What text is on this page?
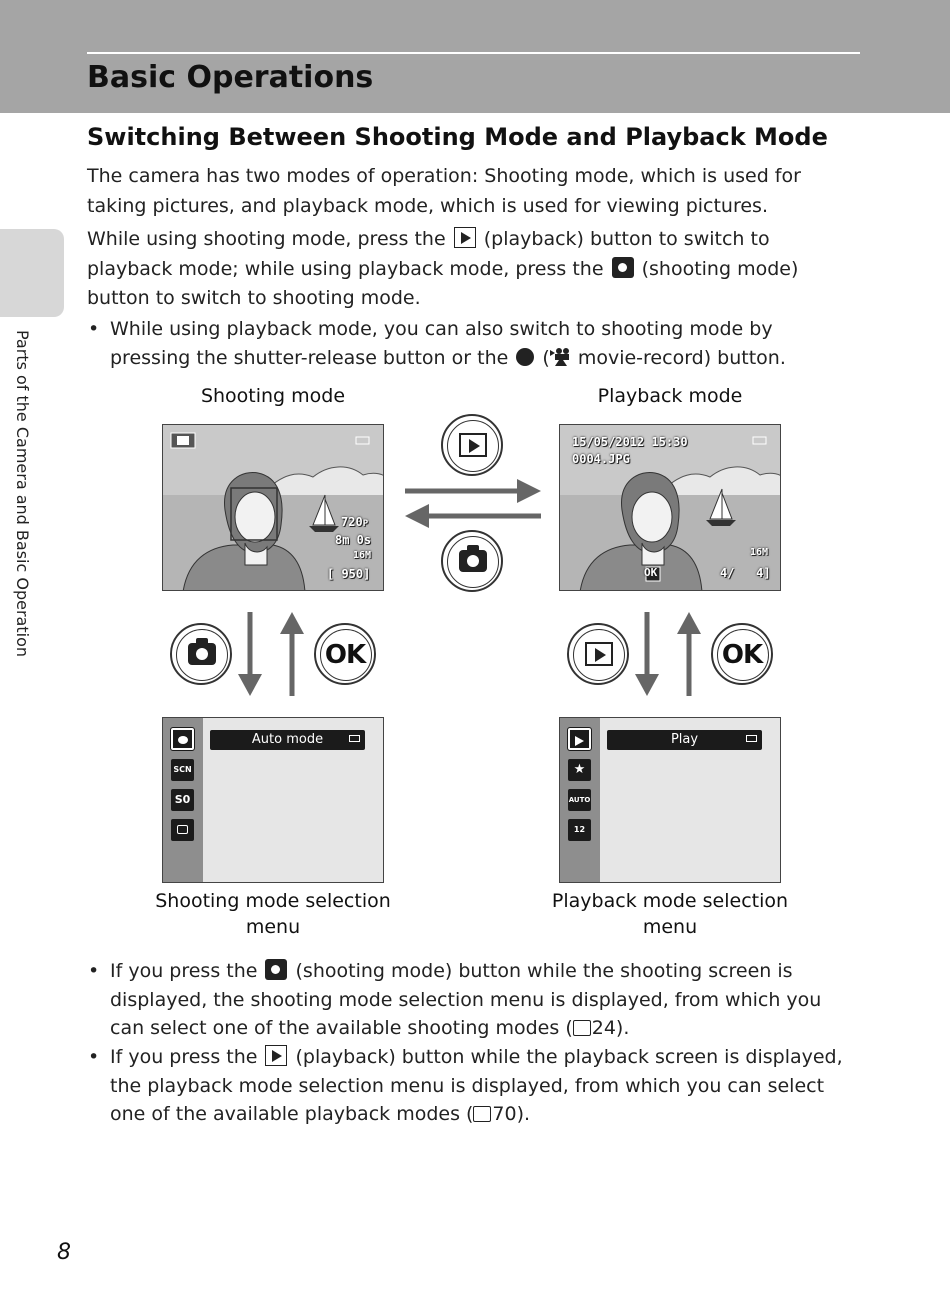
Basic Operations
Parts of the Camera and Basic Operation
Switching Between Shooting Mode and Playback Mode
The camera has two modes of operation: Shooting mode, which is used for taking pictures, and playback mode, which is used for viewing pictures.
While using shooting mode, press the
(playback) button to switch to playback mode; while using playback mode, press the  (shooting mode) button to switch to shooting mode.
• While using playback mode, you can also switch to shooting mode by pressing the shutter-release button or the  ( movie-record) button.
Shooting mode	Playback mode
720P
8m 0s
16M
[ 950]
15/05/2012 15:30
0004.JPG
16M
OK	4/   4]
OK	OK
SCN
S0
Auto mode
★
AUTO
12
Play
Shooting mode selection menu
Playback mode selection menu
• If you press the  (shooting mode) button while the shooting screen is displayed, the shooting mode selection menu is displayed, from which you can select one of the available shooting modes ( 24).
• If you press the
(playback) button while the playback screen is displayed, the playback mode selection menu is displayed, from which you can select one of the available playback modes ( 70).
8
